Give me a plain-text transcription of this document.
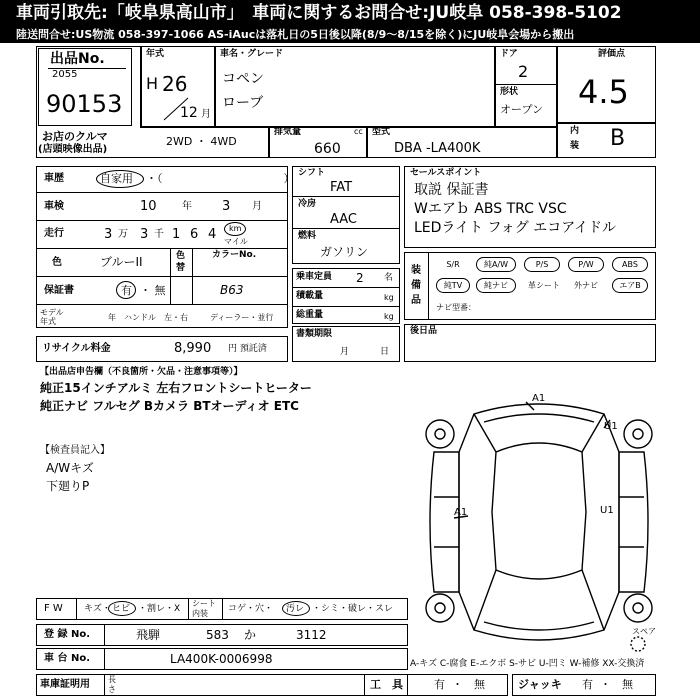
車両引取先:「岐阜県高山市」　車両に関するお問合せ:JU岐阜 058-398-5102
陸送問合せ:US物流 058-397-1066 AS-iAucは落札日の5日後以降(8/9〜8/15を除く)にJU岐阜会場から搬出
出品No.
2055
90153
お店のクルマ
(店頭映像出品)
年式
H 26
12 月
車名・グレード
コペン
ローブ
ドア
2
形状
オープン
評価点
4.5
内
装 B
2WD ・ 4WD
排気量	cc
660
型式
DBA -LA400K
車歴	自家用 ・（　　　　　　　　　　　）
車検	10	年 3 月
走行	3 万 3 千 1 6 4 km
マイル
色	ブルーII	色
替
保証書	有 ・ 無
モデル
年式	年 ハンドル　左・右	ディーラー・並行
カラーNo.
B63
リサイクル料金	8,990 円 預託済
シフト
FAT
冷房
AAC
燃料
ガソリン
乗車定員 2 名
積載量	kg
総重量	kg
書類期限
月	日
セールスポイント
取説 保証書
Wエアｂ ABS TRC VSC
LEDライト フォグ エコアイドル
装
備
品
S/R	純A/W	P/S	P/W	ABS
純TV	純ナビ	革シート	外ナビ	エアB
ナビ型番：
後日品
【出品店申告欄（不良箇所・欠品・注意事項等）】
純正15インチアルミ 左右フロントシートヒーター
純正ナビ フルセグ Bカメラ BTオーディオ ETC
【検査員記入】
A/Wキズ
下廻りP
A1
U1
A1	U1
スペア
A-キズ C-腐食 E-エクボ S-サビ U-凹ミ W-補修 XX-交換済
F W キズ・ ヒビ ・割レ・X
シート
内装 コゲ・穴・ 汚レ ・シミ・破レ・スレ
登 録 No.	飛騨	583 か	3112
車 台 No.	LA400K-0006998
車庫証明用 長
さ	工　具	有 ・　無	ジャッキ 有 ・　無
